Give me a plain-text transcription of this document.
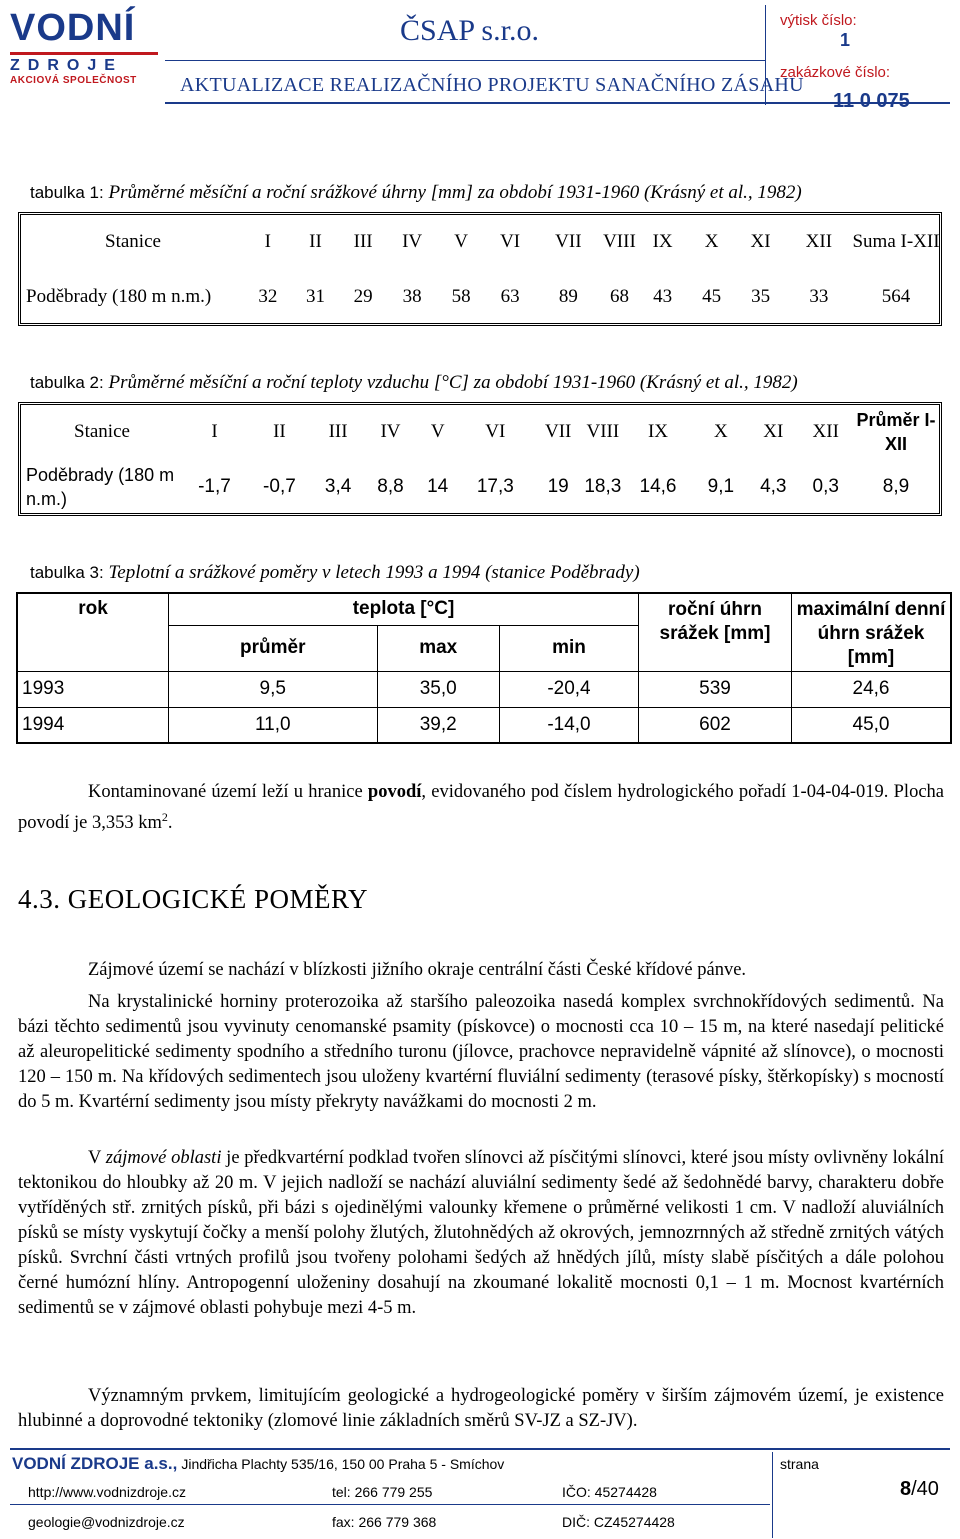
VODNÍ
ZDROJE
AKCIOVÁ SPOLEČNOST
ČSAP s.r.o.
AKTUALIZACE REALIZAČNÍHO PROJEKTU SANAČNÍHO ZÁSAHU
výtisk číslo:
1
zakázkové číslo:
11 0 075
tabulka 1: Průměrné měsíční a roční srážkové úhrny [mm] za období 1931-1960 (Krásný et al., 1982)
Stanice	I	II	III	IV	V	VI	VII	VIII	IX	X	XI	XII	Suma I-XII
Poděbrady (180 m n.m.)	32	31	29	38	58	63	89	68	43	45	35	33	564
tabulka 2: Průměrné měsíční a roční teploty vzduchu [°C] za období 1931-1960 (Krásný et al., 1982)
Stanice	I	II	III	IV	V	VI	VII	VIII	IX	X	XI	XII	Průměr I-XII
Poděbrady (180 m n.m.)	-1,7	-0,7	3,4	8,8	14	17,3	19	18,3	14,6	9,1	4,3	0,3	8,9
tabulka 3: Teplotní a srážkové poměry v letech 1993 a 1994 (stanice Poděbrady)
rok	teplota [°C]			roční úhrn srážek [mm]	maximální denní úhrn srážek [mm]
	průměr	max	min		
1993	9,5	35,0	-20,4	539	24,6
1994	11,0	39,2	-14,0	602	45,0
Kontaminované území leží u hranice povodí, evidovaného pod číslem hydrologického pořadí 1-04-04-019. Plocha povodí je 3,353 $km^2$.
4.3. GEOLOGICKÉ POMĚRY
Zájmové území se nachází v blízkosti jižního okraje centrální části České křídové pánve.
Na krystalinické horniny proterozoika až staršího paleozoika nasedá komplex svrchnokřídových sedimentů. Na bázi těchto sedimentů jsou vyvinuty cenomanské psamity (pískovce) o mocnosti cca 10 – 15 m, na které nasedají pelitické až aleuropelitické sedimenty spodního a středního turonu (jílovce, prachovce nepravidelně vápnité až slínovce), o mocnosti 120 – 150 m. Na křídových sedimentech jsou uloženy kvartérní fluviální sedimenty (terasové písky, štěrkopísky) s mocností do 5 m. Kvartérní sedimenty jsou místy překryty navážkami do mocnosti 2 m.
V zájmové oblasti je předkvartérní podklad tvořen slínovci až písčitými slínovci, které jsou místy ovlivněny lokální tektonikou do hloubky až 20 m. V jejich nadloží se nachází aluviální sedimenty šedé až šedohnědé barvy, charakteru dobře vytříděných stř. zrnitých písků, při bázi s ojedinělými valounky křemene o průměrné velikosti 1 cm. V nadloží aluviálních písků se místy vyskytují čočky a menší polohy žlutých, žlutohnědých až okrových, jemnozrnných až středně zrnitých vátých písků. Svrchní části vrtných profilů jsou tvořeny polohami šedých až hnědých jílů, místy slabě písčitých a dále polohou černé humózní hlíny. Antropogenní uloženiny dosahují na zkoumané lokalitě mocnosti 0,1 – 1 m. Mocnost kvartérních sedimentů se v zájmové oblasti pohybuje mezi 4-5 m.
Významným prvkem, limitujícím geologické a hydrogeologické poměry v širším zájmovém území, je existence hlubinné a doprovodné tektoniky (zlomové linie základních směrů SV-JZ a SZ-JV).
VODNÍ ZDROJE a.s., Jindřicha Plachty 535/16, 150 00 Praha 5 - Smíchov	strana
8/40
http://www.vodnizdroje.cz	tel: 266 779 255	IČO: 45274428
geologie@vodnizdroje.cz	fax: 266 779 368	DIČ: CZ45274428
